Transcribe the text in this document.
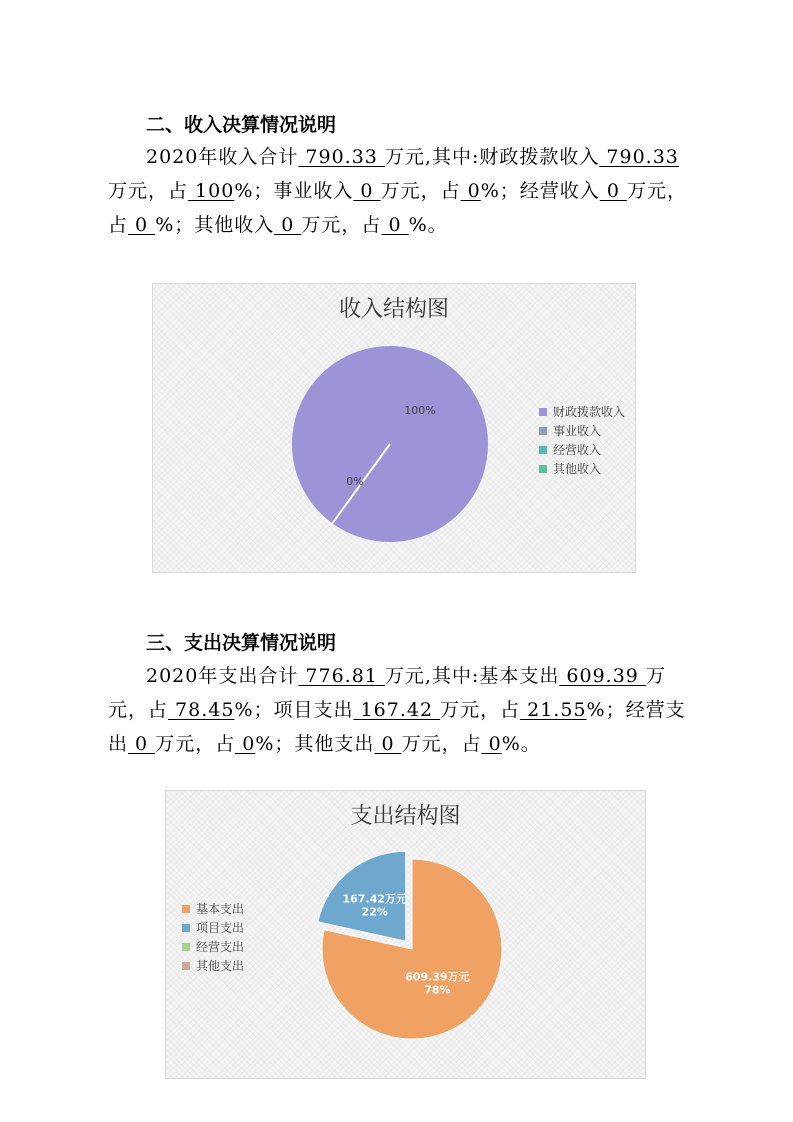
二、收入决算情况说明
2020年收入合计 790.33 万元,其中:财政拨款收入 790.33
万元，占 100%；事业收入 0 万元，占 0%；经营收入 0 万元，
占 0 %；其他收入 0 万元，占 0 %。
收入结构图
100%
0%
财政拨款收入
事业收入
经营收入
其他收入
三、支出决算情况说明
2020年支出合计 776.81 万元,其中:基本支出 609.39 万
元，占 78.45%；项目支出 167.42 万元，占 21.55%；经营支
出 0 万元，占 0%；其他支出 0 万元，占 0%。
支出结构图
609.39万元
78%
167.42万元
22%
基本支出
项目支出
经营支出
其他支出
